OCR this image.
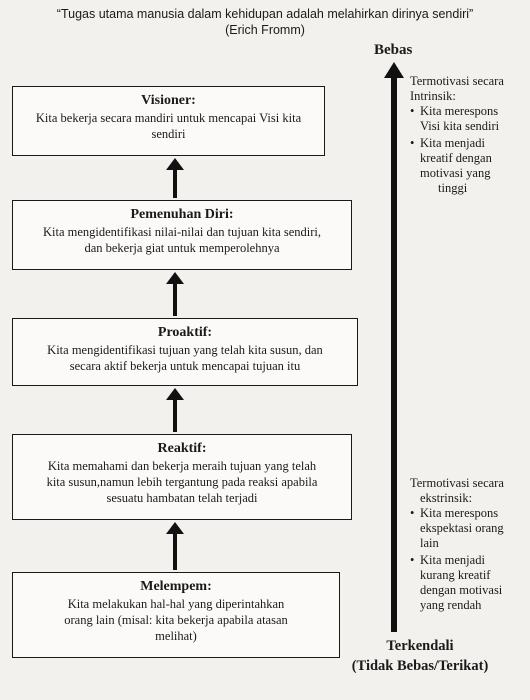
“Tugas utama manusia dalam kehidupan adalah melahirkan dirinya sendiri”
(Erich Fromm)
Visioner:
Kita bekerja secara mandiri untuk mencapai Visi kita
sendiri
Pemenuhan Diri:
Kita mengidentifikasi nilai-nilai dan tujuan kita sendiri,
dan bekerja giat untuk memperolehnya
Proaktif:
Kita mengidentifikasi tujuan yang telah kita susun, dan
secara aktif bekerja untuk mencapai tujuan itu
Reaktif:
Kita memahami dan bekerja meraih tujuan yang telah
kita susun,namun lebih tergantung pada reaksi apabila
sesuatu hambatan telah terjadi
Melempem:
Kita melakukan hal-hal yang diperintahkan
orang lain (misal: kita bekerja apabila atasan
melihat)
Bebas
Terkendali
(Tidak Bebas/Terikat)
Termotivasi secara
Intrinsik:
• Kita merespons
Visi kita sendiri
• Kita menjadi
kreatif dengan
motivasi yang
tinggi
Termotivasi secara
ekstrinsik:
• Kita merespons
ekspektasi orang
lain
• Kita menjadi
kurang kreatif
dengan motivasi
yang rendah
